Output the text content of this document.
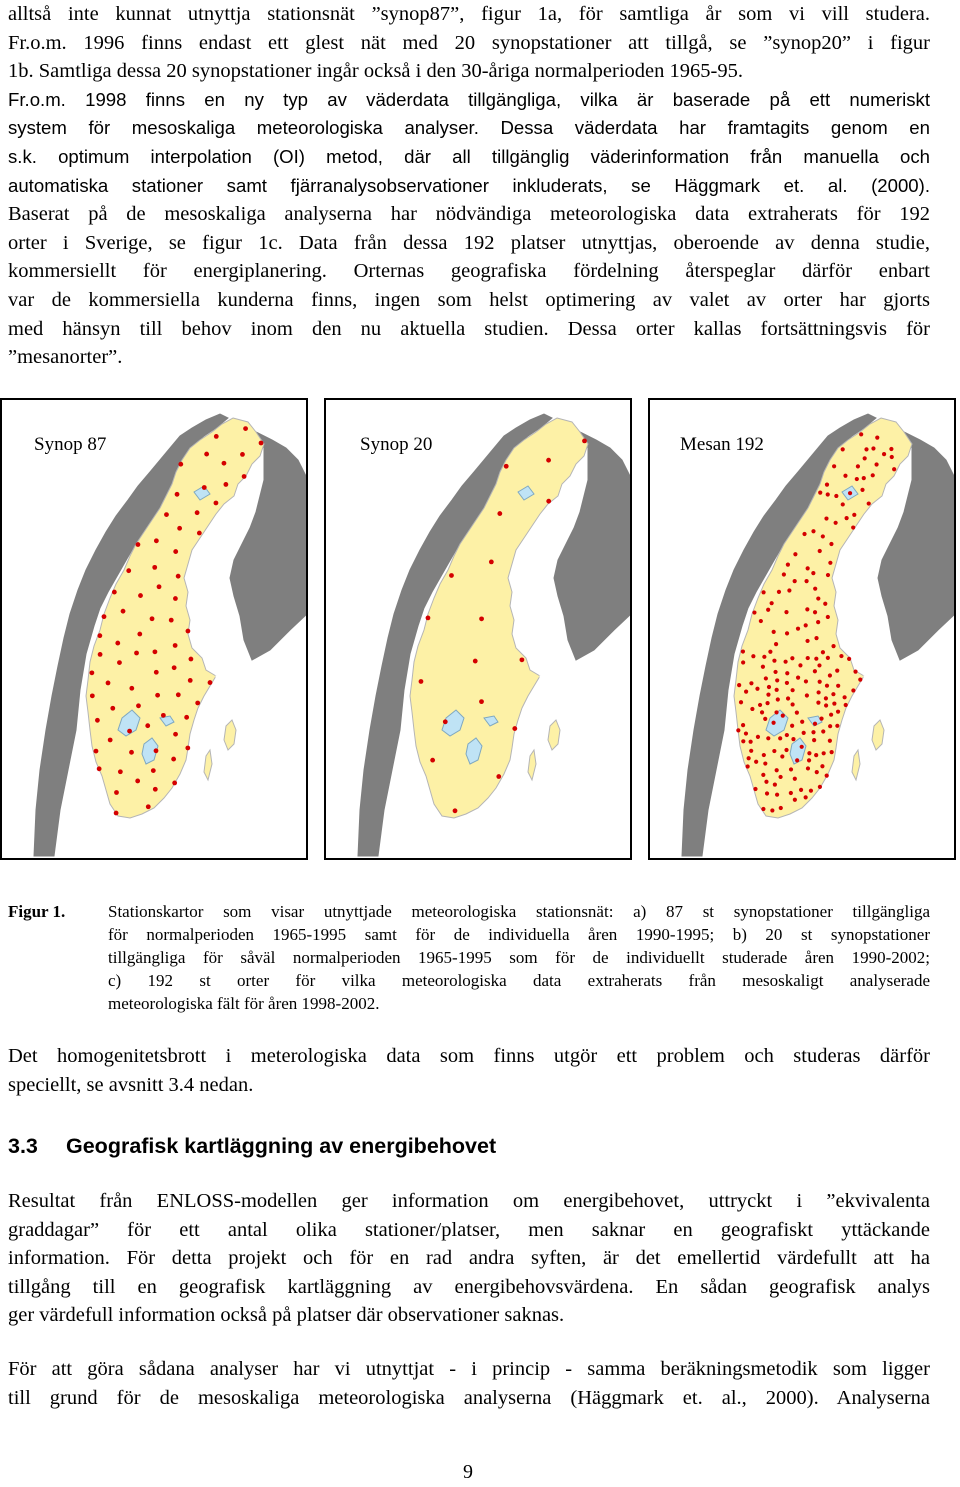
alltså inte kunnat utnyttja stationsnät ”synop87”, figur 1a, för samtliga år som vi vill studera.
Fr.o.m. 1996 finns endast ett glest nät med 20 synopstationer att tillgå, se ”synop20” i figur
1b. Samtliga dessa 20 synopstationer ingår också i den 30-åriga normalperioden 1965-95.
Fr.o.m. 1998 finns en ny typ av väderdata tillgängliga, vilka är baserade på ett numeriskt
system för mesoskaliga meteorologiska analyser. Dessa väderdata har framtagits genom en
s.k. optimum interpolation (OI) metod, där all tillgänglig väderinformation från manuella och
automatiska stationer samt fjärranalysobservationer inkluderats, se Häggmark et. al. (2000).
Baserat på de mesoskaliga analyserna har nödvändiga meteorologiska data extraherats för 192
orter i Sverige, se figur 1c. Data från dessa 192 platser utnyttjas, oberoende av denna studie,
kommersiellt för energiplanering. Orternas geografiska fördelning återspeglar därför enbart
var de kommersiella kunderna finns, ingen som helst optimering av valet av orter har gjorts
med hänsyn till behov inom den nu aktuella studien. Dessa orter kallas fortsättningsvis för
”mesanorter”.
Synop 87	Synop 20	Mesan 192
Figur 1.	Stationskartor som visar utnyttjade meteorologiska stationsnät: a) 87 st synopstationer tillgängliga
för normalperioden 1965-1995 samt för de individuella åren 1990-1995; b) 20 st synopstationer
tillgängliga för såväl normalperioden 1965-1995 som för de individuellt studerade åren 1990-2002;
c) 192 st orter för vilka meteorologiska data extraherats från mesoskaligt analyserade
meteorologiska fält för åren 1998-2002.
Det homogenitetsbrott i meterologiska data som finns utgör ett problem och studeras därför
speciellt, se avsnitt 3.4 nedan.
3.3 Geografisk kartläggning av energibehovet
Resultat från ENLOSS-modellen ger information om energibehovet, uttryckt i ”ekvivalenta
graddagar” för ett antal olika stationer/platser, men saknar en geografiskt yttäckande
information. För detta projekt och för en rad andra syften, är det emellertid värdefullt att ha
tillgång till en geografisk kartläggning av energibehovsvärdena. En sådan geografisk analys
ger värdefull information också på platser där observationer saknas.
För att göra sådana analyser har vi utnyttjat - i princip - samma beräkningsmetodik som ligger
till grund för de mesoskaliga meteorologiska analyserna (Häggmark et. al., 2000). Analyserna
9
